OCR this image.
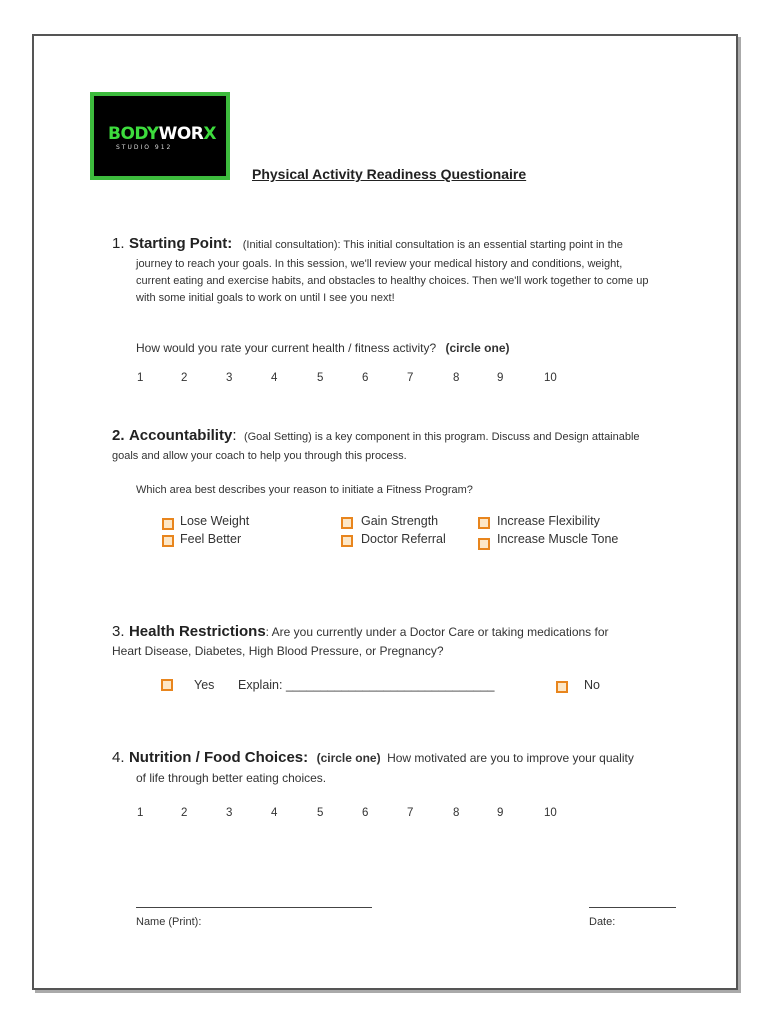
BODYWORX
STUDIO 912
Physical Activity Readiness Questionaire
1. Starting Point: (Initial consultation): This initial consultation is an essential starting point in the
journey to reach your goals. In this session, we'll review your medical history and conditions, weight,
current eating and exercise habits, and obstacles to healthy choices. Then we'll work together to come up
with some initial goals to work on until I see you next!
How would you rate your current health / fitness activity? (circle one)
1	2	3	4	5	6	7	8	9	10
2. Accountability: (Goal Setting) is a key component in this program. Discuss and Design attainable
goals and allow your coach to help you through this process.
Which area best describes your reason to initiate a Fitness Program?
Lose Weight
Feel Better
Gain Strength
Doctor Referral
Increase Flexibility
Increase Muscle Tone
3. Health Restrictions: Are you currently under a Doctor Care or taking medications for
Heart Disease, Diabetes, High Blood Pressure, or Pregnancy?
Yes Explain: ______________________________	No
4. Nutrition / Food Choices: (circle one) How motivated are you to improve your quality
of life through better eating choices.
1	2	3	4	5	6	7	8	9	10
Name (Print):	Date:
